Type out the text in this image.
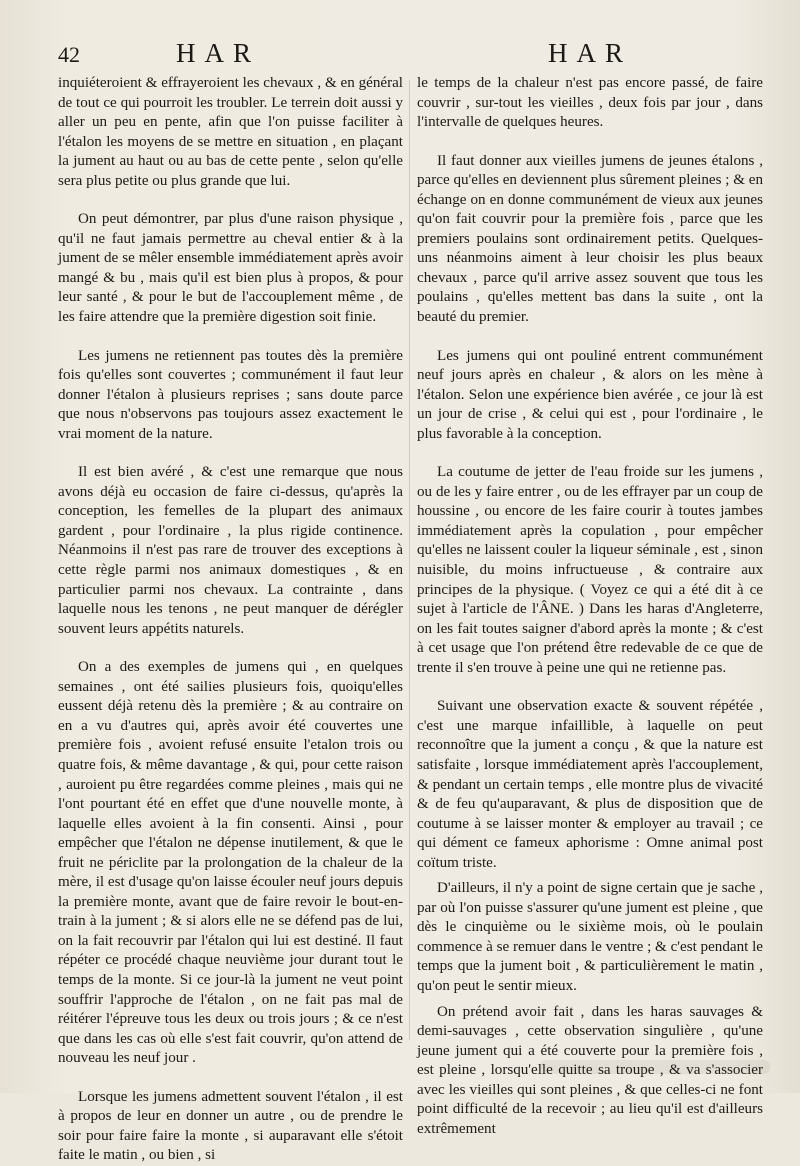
42	HAR	HAR

inquiéteroient & effrayeroient les chevaux , & en général de tout ce qui pourroit les troubler. Le terrein doit aussi y aller un peu en pente, afin que l'on puisse faciliter à l'étalon les moyens de se mettre en situation , en plaçant la jument au haut ou au bas de cette pente , selon qu'elle sera plus petite ou plus grande que lui.

On peut démontrer, par plus d'une raison physique , qu'il ne faut jamais permettre au cheval entier & à la jument de se mêler ensemble immédiatement après avoir mangé & bu , mais qu'il est bien plus à propos, & pour leur santé , & pour le but de l'accouplement même , de les faire attendre que la première digestion soit finie.

Les jumens ne retiennent pas toutes dès la première fois qu'elles sont couvertes ; communément il faut leur donner l'étalon à plusieurs reprises ; sans doute parce que nous n'observons pas toujours assez exactement le vrai moment de la nature.

Il est bien avéré , & c'est une remarque que nous avons déjà eu occasion de faire ci-dessus, qu'après la conception, les femelles de la plupart des animaux gardent , pour l'ordinaire , la plus rigide continence. Néanmoins il n'est pas rare de trouver des exceptions à cette règle parmi nos animaux domestiques , & en particulier parmi nos chevaux. La contrainte , dans laquelle nous les tenons , ne peut manquer de dérégler souvent leurs appétits naturels.

On a des exemples de jumens qui , en quelques semaines , ont été sailies plusieurs fois, quoiqu'elles eussent déjà retenu dès la première ; & au contraire on en a vu d'autres qui, après avoir été couvertes une première fois , avoient refusé ensuite l'etalon trois ou quatre fois, & même davantage , & qui, pour cette raison , auroient pu être regardées comme pleines , mais qui ne l'ont pourtant été en effet que d'une nouvelle monte, à laquelle elles avoient à la fin consenti. Ainsi , pour empêcher que l'étalon ne dépense inutilement, & que le fruit ne périclite par la prolongation de la chaleur de la mère, il est d'usage qu'on laisse écouler neuf jours depuis la première monte, avant que de faire revoir le bout-en-train à la jument ; & si alors elle ne se défend pas de lui, on la fait recouvrir par l'étalon qui lui est destiné. Il faut répéter ce procédé chaque neuvième jour durant tout le temps de la monte. Si ce jour-là la jument ne veut point souffrir l'approche de l'étalon , on ne fait pas mal de réitérer l'épreuve tous les deux ou trois jours ; & ce n'est que dans les cas où elle s'est fait couvrir, qu'on attend de nouveau les neuf jour .

Lorsque les jumens admettent souvent l'étalon , il est à propos de leur en donner un autre , ou de prendre le soir pour faire faire la monte , si auparavant elle s'étoit faite le matin , ou bien , si

le temps de la chaleur n'est pas encore passé, de faire couvrir , sur-tout les vieilles , deux fois par jour , dans l'intervalle de quelques heures.

Il faut donner aux vieilles jumens de jeunes étalons , parce qu'elles en deviennent plus sûrement pleines ; & en échange on en donne communément de vieux aux jeunes qu'on fait couvrir pour la première fois , parce que les premiers poulains sont ordinairement petits. Quelques-uns néanmoins aiment à leur choisir les plus beaux chevaux , parce qu'il arrive assez souvent que tous les poulains , qu'elles mettent bas dans la suite , ont la beauté du premier.

Les jumens qui ont pouliné entrent communément neuf jours après en chaleur , & alors on les mène à l'étalon. Selon une expérience bien avérée , ce jour là est un jour de crise , & celui qui est , pour l'ordinaire , le plus favorable à la conception.

La coutume de jetter de l'eau froide sur les jumens , ou de les y faire entrer , ou de les effrayer par un coup de houssine , ou encore de les faire courir à toutes jambes immédiatement après la copulation , pour empêcher qu'elles ne laissent couler la liqueur séminale , est , sinon nuisible, du moins infructueuse , & contraire aux principes de la physique. ( Voyez ce qui a été dit à ce sujet à l'article de l'ÂNE. ) Dans les haras d'Angleterre, on les fait toutes saigner d'abord après la monte ; & c'est à cet usage que l'on prétend être redevable de ce que de trente il s'en trouve à peine une qui ne retienne pas.

Suivant une observation exacte & souvent répétée , c'est une marque infaillible, à laquelle on peut reconnoître que la jument a conçu , & que la nature est satisfaite , lorsque immédiatement après l'accouplement, & pendant un certain temps , elle montre plus de vivacité & de feu qu'auparavant, & plus de disposition que de coutume à se laisser monter & employer au travail ; ce qui dément ce fameux aphorisme : Omne animal post coïtum triste.

D'ailleurs, il n'y a point de signe certain que je sache , par où l'on puisse s'assurer qu'une jument est pleine , que dès le cinquième ou le sixième mois, où le poulain commence à se remuer dans le ventre ; & c'est pendant le temps que la jument boit , & particulièrement le matin , qu'on peut le sentir mieux.

On prétend avoir fait , dans les haras sauvages & demi-sauvages , cette observation singulière , qu'une jeune jument qui a été couverte pour la première fois , est pleine , lorsqu'elle quitte sa troupe , & va s'associer avec les vieilles qui sont pleines , & que celles-ci ne font point difficulté de la recevoir ; au lieu qu'il est d'ailleurs extrêmement
